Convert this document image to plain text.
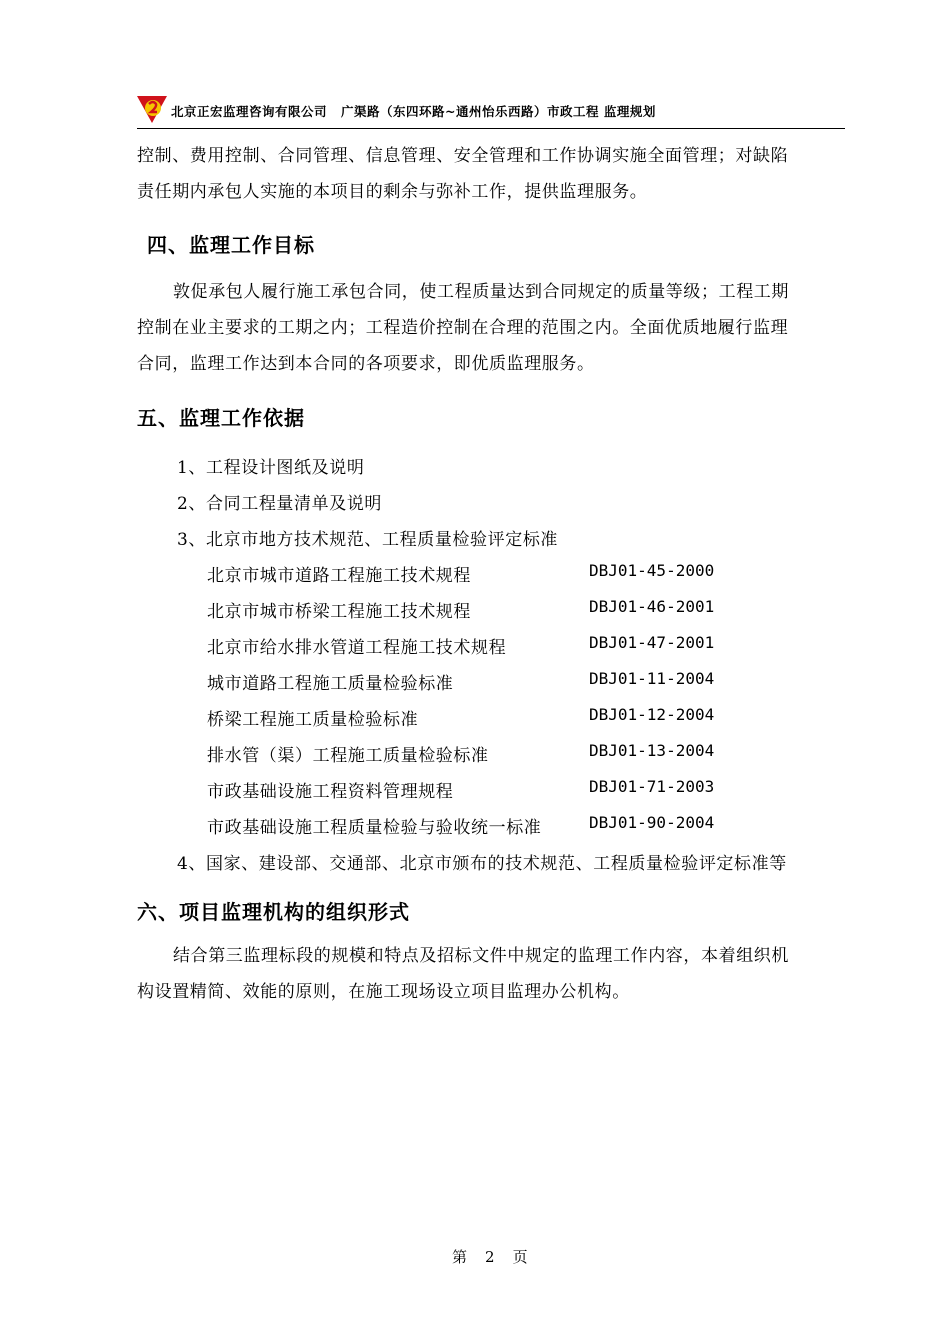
北京正宏监理咨询有限公司 广渠路（东四环路~通州怡乐西路）市政工程 监理规划
控制、费用控制、合同管理、信息管理、安全管理和工作协调实施全面管理；对缺陷
责任期内承包人实施的本项目的剩余与弥补工作，提供监理服务。
四、监理工作目标
敦促承包人履行施工承包合同，使工程质量达到合同规定的质量等级；工程工期
控制在业主要求的工期之内；工程造价控制在合理的范围之内。全面优质地履行监理
合同，监理工作达到本合同的各项要求，即优质监理服务。
五、监理工作依据
1、工程设计图纸及说明
2、合同工程量清单及说明
3、北京市地方技术规范、工程质量检验评定标准
北京市城市道路工程施工技术规程	DBJ01-45-2000
北京市城市桥梁工程施工技术规程	DBJ01-46-2001
北京市给水排水管道工程施工技术规程	DBJ01-47-2001
城市道路工程施工质量检验标准	DBJ01-11-2004
桥梁工程施工质量检验标准	DBJ01-12-2004
排水管（渠）工程施工质量检验标准	DBJ01-13-2004
市政基础设施工程资料管理规程	DBJ01-71-2003
市政基础设施工程质量检验与验收统一标准	DBJ01-90-2004
4、国家、建设部、交通部、北京市颁布的技术规范、工程质量检验评定标准等
六、项目监理机构的组织形式
结合第三监理标段的规模和特点及招标文件中规定的监理工作内容，本着组织机
构设置精简、效能的原则，在施工现场设立项目监理办公机构。
第 2 页
